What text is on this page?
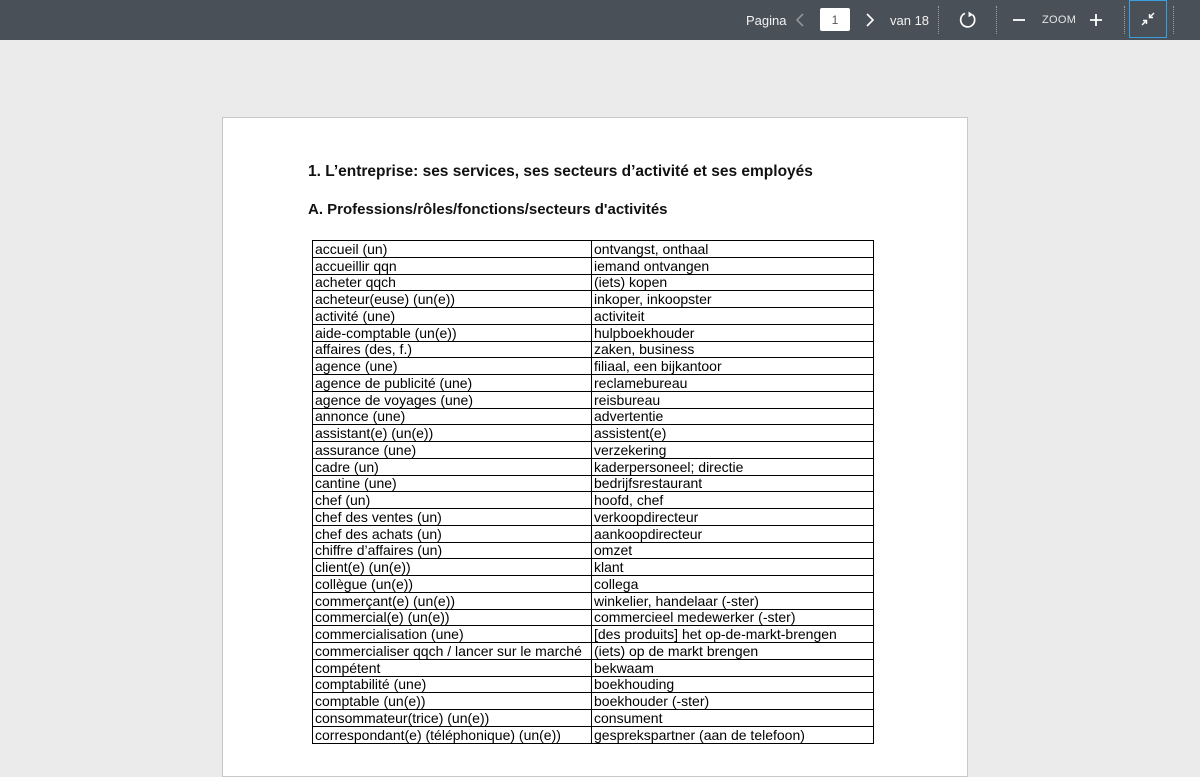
Pagina
1	van 18	ZOOM

1. L’entreprise: ses services, ses secteurs d’activité et ses employés

A. Professions/rôles/fonctions/secteurs d'activités

accueil (un)	ontvangst, onthaal
accueillir qqn	iemand ontvangen
acheter qqch	(iets) kopen
acheteur(euse) (un(e))	inkoper, inkoopster
activité (une)	activiteit
aide-comptable (un(e))	hulpboekhouder
affaires (des, f.)	zaken, business
agence (une)	filiaal, een bijkantoor
agence de publicité (une)	reclamebureau
agence de voyages (une)	reisbureau
annonce (une)	advertentie
assistant(e) (un(e))	assistent(e)
assurance (une)	verzekering
cadre (un)	kaderpersoneel; directie
cantine (une)	bedrijfsrestaurant
chef (un)	hoofd, chef
chef des ventes (un)	verkoopdirecteur
chef des achats (un)	aankoopdirecteur
chiffre d’affaires (un)	omzet
client(e) (un(e))	klant
collègue (un(e))	collega
commerçant(e) (un(e))	winkelier, handelaar (-ster)
commercial(e) (un(e))	commercieel medewerker (-ster)
commercialisation (une)	[des produits] het op-de-markt-brengen
commercialiser qqch / lancer sur le marché	(iets) op de markt brengen
compétent	bekwaam
comptabilité (une)	boekhouding
comptable (un(e))	boekhouder (-ster)
consommateur(trice) (un(e))	consument
correspondant(e) (téléphonique) (un(e))	gesprekspartner (aan de telefoon)
